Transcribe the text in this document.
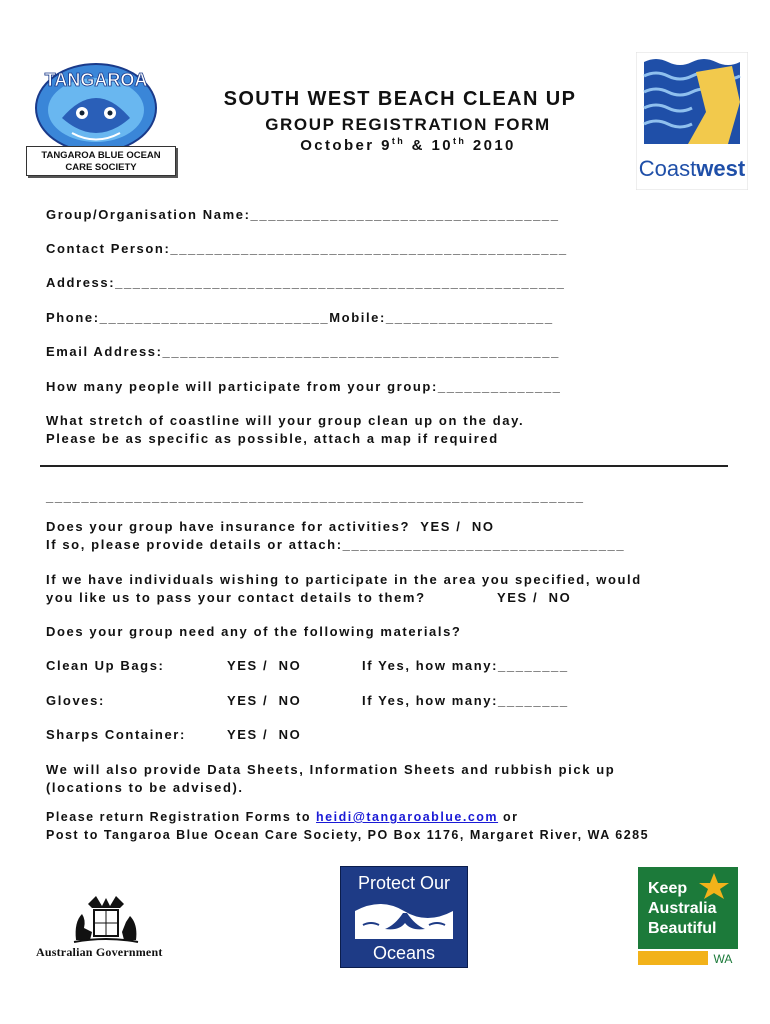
TANGAROA
TANGAROA BLUE OCEAN CARE SOCIETY
SOUTH WEST BEACH CLEAN UP
GROUP REGISTRATION FORM
October 9th & 10th 2010
Coastwest
Group/Organisation Name:___________________________________
Contact Person:_____________________________________________
Address:___________________________________________________
Phone:__________________________Mobile:___________________
Email Address:_____________________________________________
How many people will participate from your group:______________
What stretch of coastline will your group clean up on the day.
Please be as specific as possible, attach a map if required
_____________________________________________________________
Does your group have insurance for activities?  YES /  NO
If so, please provide details or attach:________________________________
If we have individuals wishing to participate in the area you specified, would
you like us to pass your contact details to them?	YES /  NO
Does your group need any of the following materials?
Clean Up Bags:	YES /  NO	If Yes, how many:________
Gloves:	YES /  NO	If Yes, how many:________
Sharps Container:	YES /  NO
We will also provide Data Sheets, Information Sheets and rubbish pick up
(locations to be advised).
Please return Registration Forms to heidi@tangaroablue.com or
Post to Tangaroa Blue Ocean Care Society, PO Box 1176, Margaret River, WA 6285
Australian Government
Protect Our
Oceans
Keep
Australia
Beautiful
WA
